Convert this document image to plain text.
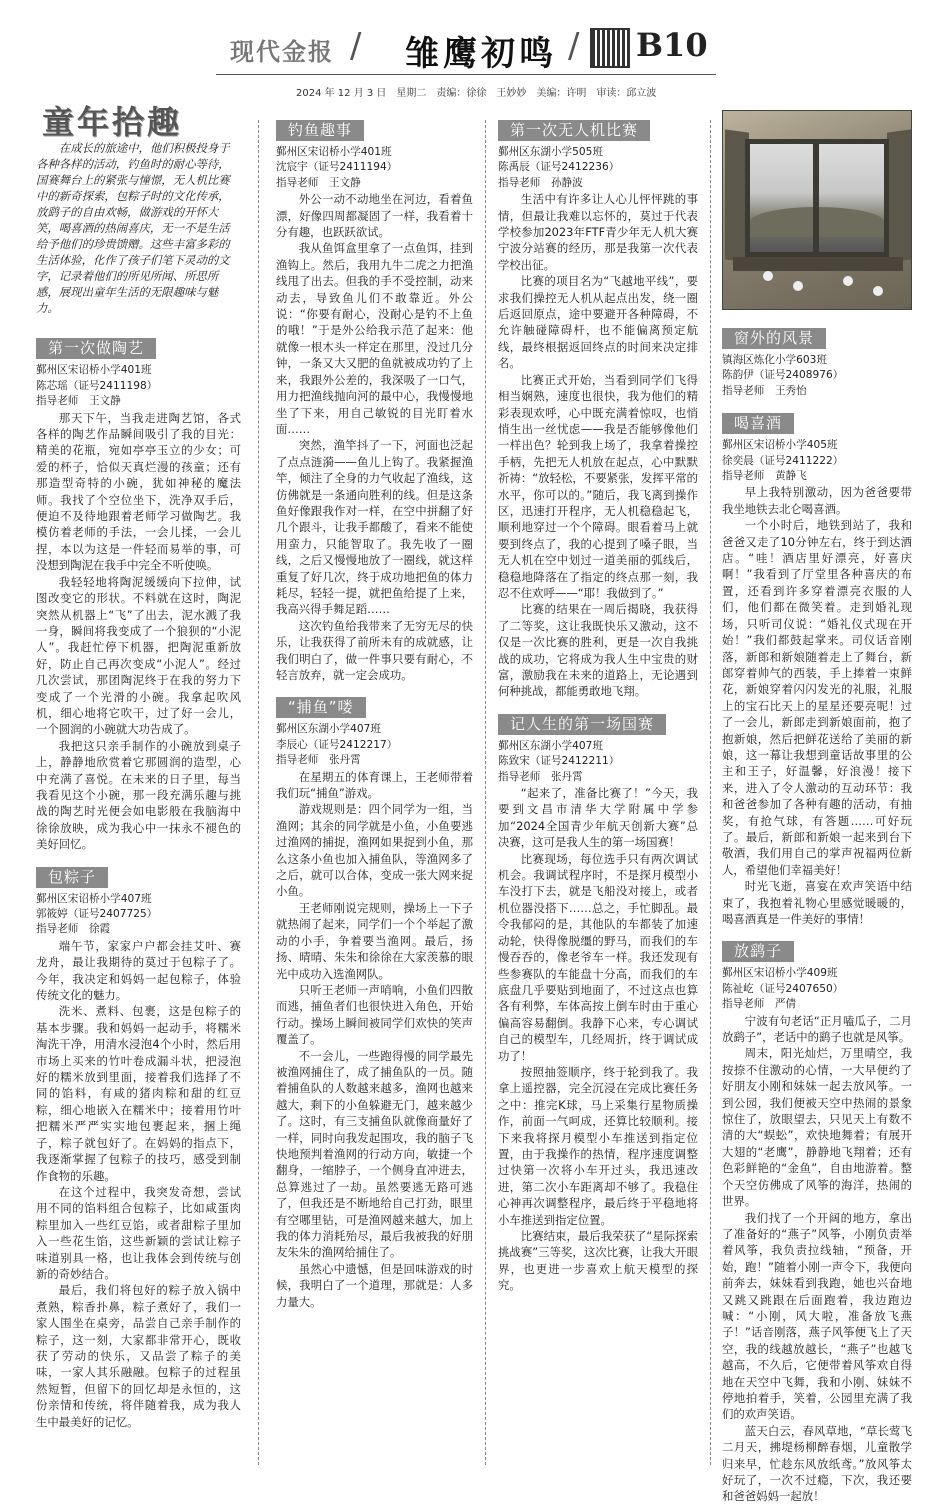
现代金报 / 雏鹰初鸣 / B10
2024 年 12 月 3 日　星期二　责编：徐徐　王妙妙　美编：许明　审读：邱立波
童年拾趣

在成长的旅途中，他们积极投身于各种各样的活动，钓鱼时的耐心等待，国赛舞台上的紧张与憧憬，无人机比赛中的新奇探索，包粽子时的文化传承，放鹞子的自由欢畅，做游戏的开怀大笑，喝喜酒的热闹喜庆，无一不是生活给予他们的珍贵馈赠。这些丰富多彩的生活体验，化作了孩子们笔下灵动的文字，记录着他们的所见所闻、所思所感，展现出童年生活的无限趣味与魅力。

第一次做陶艺

鄞州区宋诏桥小学401班

陈芯瑶（证号2411198）

指导老师　王文静

那天下午，当我走进陶艺馆，各式各样的陶艺作品瞬间吸引了我的目光：精美的花瓶，宛如亭亭玉立的少女；可爱的杯子，恰似天真烂漫的孩童；还有那造型奇特的小碗，犹如神秘的魔法师。我找了个空位坐下，洗净双手后，便迫不及待地跟着老师学习做陶艺。我模仿着老师的手法，一会儿揉，一会儿捏，本以为这是一件轻而易举的事，可没想到陶泥在我手中完全不听使唤。

我轻轻地将陶泥缓缓向下拉伸，试图改变它的形状。不料就在这时，陶泥突然从机器上“飞”了出去，泥水溅了我一身，瞬间将我变成了一个狼狈的“小泥人”。我赶忙停下机器，把陶泥重新放好，防止自己再次变成“小泥人”。经过几次尝试，那团陶泥终于在我的努力下变成了一个光滑的小碗。我拿起吹风机，细心地将它吹干，过了好一会儿，一个圆润的小碗就大功告成了。

我把这只亲手制作的小碗放到桌子上，静静地欣赏着它那圆润的造型，心中充满了喜悦。在未来的日子里，每当我看见这个小碗，那一段充满乐趣与挑战的陶艺时光便会如电影般在我脑海中徐徐放映，成为我心中一抹永不褪色的美好回忆。

包粽子

鄞州区宋诏桥小学407班

郭筱婷（证号2407725）

指导老师　徐霞

端午节，家家户户都会挂艾叶、赛龙舟，最让我期待的莫过于包粽子了。今年，我决定和妈妈一起包粽子，体验传统文化的魅力。

洗米、煮料、包裹，这是包粽子的基本步骤。我和妈妈一起动手，将糯米淘洗干净，用清水浸泡4个小时，然后用市场上买来的竹叶卷成漏斗状，把浸泡好的糯米放到里面，接着我们选择了不同的馅料，有咸的猪肉粽和甜的红豆粽，细心地嵌入在糯米中；接着用竹叶把糯米严严实实地包裹起来，捆上绳子，粽子就包好了。在妈妈的指点下，我逐渐掌握了包粽子的技巧，感受到制作食物的乐趣。

在这个过程中，我突发奇想，尝试用不同的馅料组合包粽子，比如咸蛋肉粽里加入一些红豆馅，或者甜粽子里加入一些花生馅，这些新颖的尝试让粽子味道别具一格，也让我体会到传统与创新的奇妙结合。

最后，我们将包好的粽子放入锅中煮熟，粽香扑鼻，粽子煮好了，我们一家人围坐在桌旁，品尝自己亲手制作的粽子，这一刻，大家都非常开心，既收获了劳动的快乐，又品尝了粽子的美味，一家人其乐融融。包粽子的过程虽然短暂，但留下的回忆却是永恒的，这份亲情和传统，将伴随着我，成为我人生中最美好的记忆。

钓鱼趣事

鄞州区宋诏桥小学401班

沈宸宇（证号2411194）

指导老师　王文静

外公一动不动地坐在河边，看着鱼漂，好像四周都凝固了一样，我看着十分有趣，也跃跃欲试。

我从鱼饵盒里拿了一点鱼饵，挂到渔钩上。然后，我用九牛二虎之力把渔线甩了出去。但我的手不受控制，动来动去，导致鱼儿们不敢靠近。外公说：“你要有耐心，没耐心是钓不上鱼的哦！”于是外公给我示范了起来：他就像一根木头一样定在那里，没过几分钟，一条又大又肥的鱼就被成功钓了上来，我跟外公差的，我深吸了一口气，用力把渔线抛向河的最中心，我慢慢地坐了下来，用自己敏锐的目光盯着水面……

突然，渔竿抖了一下，河面也泛起了点点涟漪——鱼儿上钩了。我紧握渔竿，倾注了全身的力气收起了渔线，这仿佛就是一条通向胜利的线。但是这条鱼好像跟我作对一样，在空中拼翻了好几个跟斗，让我手都酸了，看来不能使用蛮力，只能智取了。我先收了一圈线，之后又慢慢地放了一圈线，就这样重复了好几次，终于成功地把鱼的体力耗尽，轻轻一提，就把鱼给提了上来，我高兴得手舞足蹈……

这次钓鱼给我带来了无穷无尽的快乐，让我获得了前所未有的成就感，让我们明白了，做一件事只要有耐心，不轻言放弃，就一定会成功。

“捕鱼”喽

鄞州区东湖小学407班

李辰心（证号2412217）

指导老师　张丹霄

在星期五的体育课上，王老师带着我们玩“捕鱼”游戏。

游戏规则是：四个同学为一组，当渔网；其余的同学就是小鱼，小鱼要逃过渔网的捕捉，渔网如果捉到小鱼，那么这条小鱼也加入捕鱼队，等渔网多了之后，就可以合体，变成一张大网来捉小鱼。

王老师刚说完规则，操场上一下子就热闹了起来，同学们一个个举起了激动的小手，争着要当渔网。最后，扬扬、晴晴、朱朱和徐徐在大家羡慕的眼光中成功入选渔网队。

只听王老师一声哨响，小鱼们四散而逃，捕鱼者们也很快进入角色，开始行动。操场上瞬间被同学们欢快的笑声覆盖了。

不一会儿，一些跑得慢的同学最先被渔网捕住了，成了捕鱼队的一员。随着捕鱼队的人数越来越多，渔网也越来越大，剩下的小鱼躲避无门，越来越少了。这时，有三支捕鱼队就像商量好了一样，同时向我发起围攻，我的脑子飞快地预判着渔网的行动方向，敏捷一个翻身，一缩脖子，一个侧身直冲进去，总算逃过了一劫。虽然要逃无路可逃了，但我还是不断地给自己打劲，眼里有空哪里钻，可是渔网越来越大，加上我的体力消耗殆尽，最后我被我的好朋友朱朱的渔网给捕住了。

虽然心中遗憾，但是回味游戏的时候，我明白了一个道理，那就是：人多力量大。

第一次无人机比赛

鄞州区东湖小学505班

陈禹辰（证号2412236）

指导老师　孙静波

生活中有许多让人心儿怦怦跳的事情，但最让我难以忘怀的，莫过于代表学校参加2023年FTF青少年无人机大赛宁波分站赛的经历，那是我第一次代表学校出征。

比赛的项目名为“飞越地平线”，要求我们操控无人机从起点出发，绕一圈后返回原点，途中要避开各种障碍，不允许触碰障碍杆，也不能偏离预定航线，最终根据返回终点的时间来决定排名。

比赛正式开始，当看到同学们飞得相当娴熟，速度也很快，我为他们的精彩表现欢呼，心中既充满着惊叹，也悄悄生出一丝忧虑——我是否能够像他们一样出色？轮到我上场了，我拿着操控手柄，先把无人机放在起点，心中默默祈祷：“放轻松，不要紧张，发挥平常的水平，你可以的。”随后，我飞离到操作区，迅速打开程序，无人机稳稳起飞，顺利地穿过一个个障碍。眼看着马上就要到终点了，我的心提到了嗓子眼，当无人机在空中划过一道美丽的弧线后，稳稳地降落在了指定的终点那一刻，我忍不住欢呼——“耶！我做到了。”

比赛的结果在一周后揭晓，我获得了二等奖，这让我既快乐又激动，这不仅是一次比赛的胜利，更是一次自我挑战的成功，它将成为我人生中宝贵的财富，激励我在未来的道路上，无论遇到何种挑战，都能勇敢地飞翔。

记人生的第一场国赛

鄞州区东湖小学407班

陈致宋（证号2412211）

指导老师　张丹霄

“起来了，准备比赛了！”今天，我要到文昌市清华大学附属中学参加“2024全国青少年航天创新大赛”总决赛，这可是我人生的第一场国赛！

比赛现场，每位选手只有两次调试机会。我调试程序时，不是探月模型小车没打下去，就是飞船没对接上，或者机位器没搭下……总之，手忙脚乱。最令我郁闷的是，其他队的车都装了加速动轮，快得像脱缰的野马，而我们的车慢吞吞的，像老爷车一样。我还发现有些参赛队的车能盘十分高，而我们的车底盘几乎要贴到地面了，不过这点也算各有利弊，车体高按上倒车时由于重心偏高容易翻倒。我静下心来，专心调试自己的模型车，几经周折，终于调试成功了！

按照抽签顺序，终于轮到我了。我拿上遥控器，完全沉浸在完成比赛任务之中：推完K球，马上采集行星物质操作，前面一气呵成，还算比较顺利。接下来我将探月模型小车推送到指定位置，由于我操作的热情，程序速度调整过快第一次将小车开过头，我迅速改进，第二次小车距离却不够了。我稳住心神再次调整程序，最后终于平稳地将小车推送到指定位置。

比赛结束，最后我荣获了“星际探索挑战赛”三等奖，这次比赛，让我大开眼界，也更进一步喜欢上航天模型的探究。

窗外的风景

镇海区炼化小学603班

陈韵伊（证号2408976）

指导老师　王秀怡

喝喜酒

鄞州区宋诏桥小学405班

徐奕晨（证号2411222）

指导老师　黄静飞

早上我特别激动，因为爸爸要带我坐地铁去北仑喝喜酒。

一个小时后，地铁到站了，我和爸爸又走了10分钟左右，终于到达酒店。“哇！酒店里好漂亮，好喜庆啊！”我看到了厅堂里各种喜庆的布置，还看到许多穿着漂亮衣服的人们，他们都在微笑着。走到婚礼现场，只听司仪说：“婚礼仪式现在开始！”我们都鼓起掌来。司仪话音刚落，新郎和新娘随着走上了舞台，新郎穿着帅气的西装，手上捧着一束鲜花，新娘穿着闪闪发光的礼服，礼服上的宝石比天上的星星还要亮呢！过了一会儿，新郎走到新娘面前，抱了抱新娘，然后把鲜花送给了美丽的新娘，这一幕让我想到童话故事里的公主和王子，好温馨，好浪漫！接下来，进入了令人激动的互动环节：我和爸爸参加了各种有趣的活动，有抽奖，有抢气球，有答题……可好玩了。最后，新郎和新娘一起来到台下敬酒，我们用自己的掌声祝福两位新人，希望他们幸福美好！

时光飞逝，喜宴在欢声笑语中结束了，我抱着礼物心里感觉暖暖的，喝喜酒真是一件美好的事情！

放鹞子

鄞州区宋诏桥小学409班

陈祉屹（证号2407650）

指导老师　严倩

宁波有句老话“正月嗑瓜子，二月放鹞子”，老话中的鹞子也就是风筝。

周末，阳光灿烂，万里晴空，我按捺不住激动的心情，一大早便约了好朋友小刚和妹妹一起去放风筝。一到公园，我们便被天空中热闹的景象惊住了，放眼望去，只见天上有数不清的大“蜈蚣”，欢快地舞着；有展开大翅的“老鹰”，静静地飞翔着；还有色彩鲜艳的“金鱼”，自由地游着。整个天空仿佛成了风筝的海洋，热闹的世界。

我们找了一个开阔的地方，拿出了准备好的“燕子”风筝，小刚负责举着风筝，我负责拉线轴，“预备，开始，跑！”随着小刚一声令下，我便向前奔去，妹妹看到我跑，她也兴奋地又跳又跳跟在后面跑着，我边跑边喊：“小刚，风大啦，准备放飞燕子！”话音刚落，燕子风筝便飞上了天空，我的线越放越长，“燕子”也越飞越高，不久后，它便带着风筝欢自得地在天空中飞舞，我和小刚、妹妹不停地拍着手，笑着，公园里充满了我们的欢声笑语。

蓝天白云，春风草地，“草长莺飞二月天，拂堤杨柳醉春烟，儿童散学归来早，忙趁东风放纸鸢。”放风筝太好玩了，一次不过瘾，下次，我还要和爸爸妈妈一起放！
